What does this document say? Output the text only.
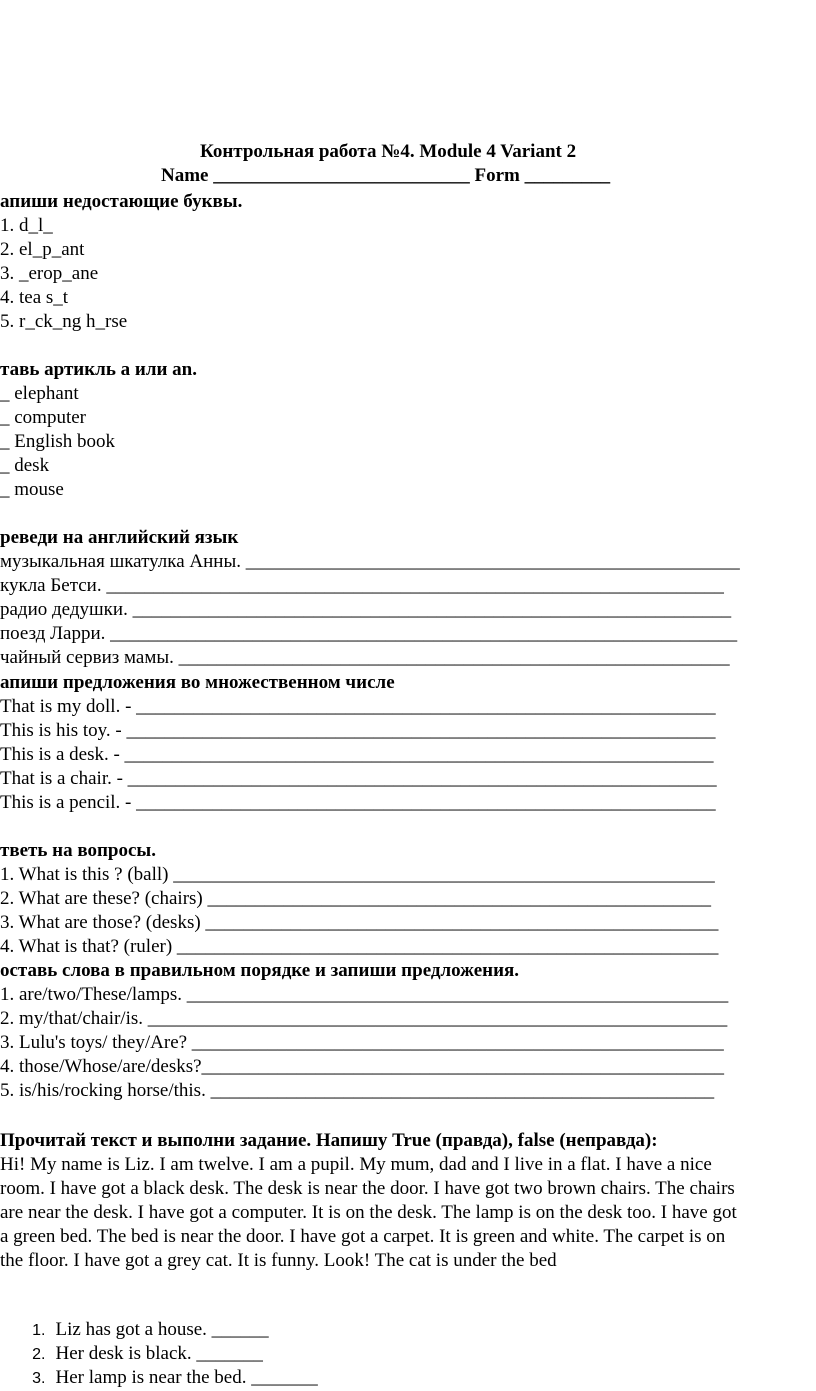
Контрольная работа №4. Module 4 Variant 2
Name ___________________________ Form _________
апиши недостающие буквы.
1. d_l_
2. el_p_ant
3. _erop_ane
4. tea s_t
5. r_ck_ng h_rse
тавь артикль a или an.
_ elephant
_ computer
_ English book
_ desk
_ mouse
реведи на английский язык
музыкальная шкатулка Анны. ____________________________________________________
кукла Бетси. _________________________________________________________________
радио дедушки. _______________________________________________________________
поезд Ларри. __________________________________________________________________
чайный сервиз мамы. __________________________________________________________
апиши предложения во множественном числе
That is my doll. - _____________________________________________________________
This is his toy. - ______________________________________________________________
This is a desk. - ______________________________________________________________
That is a chair. - ______________________________________________________________
This is a pencil. - _____________________________________________________________
тветь на вопросы.
1. What is this ? (ball) _________________________________________________________
2. What are these? (chairs) _____________________________________________________
3. What are those? (desks) ______________________________________________________
4. What is that? (ruler) _________________________________________________________
оставь слова в правильном порядке и запиши предложения.
1. are/two/These/lamps. _________________________________________________________
2. my/that/chair/is. _____________________________________________________________
3. Lulu's toys/ they/Are? ________________________________________________________
4. those/Whose/are/desks?_______________________________________________________
5. is/his/rocking horse/this. _____________________________________________________
Прочитай текст и выполни задание. Напишу True (правда), false (неправда):
Hi! My name is Liz. I am twelve. I am a pupil. My mum, dad and I live in a flat. I have a nice
room. I have got a black desk. The desk is near the door. I have got two brown chairs. The chairs
are near the desk. I have got a computer. It is on the desk. The lamp is on the desk too. I have got
a green bed. The bed is near the door. I have got a carpet. It is green and white. The carpet is on
the floor. I have got a grey cat. It is funny. Look! The cat is under the bed

1. Liz has got a house. ______

2. Her desk is black. _______

3. Her lamp is near the bed. _______
